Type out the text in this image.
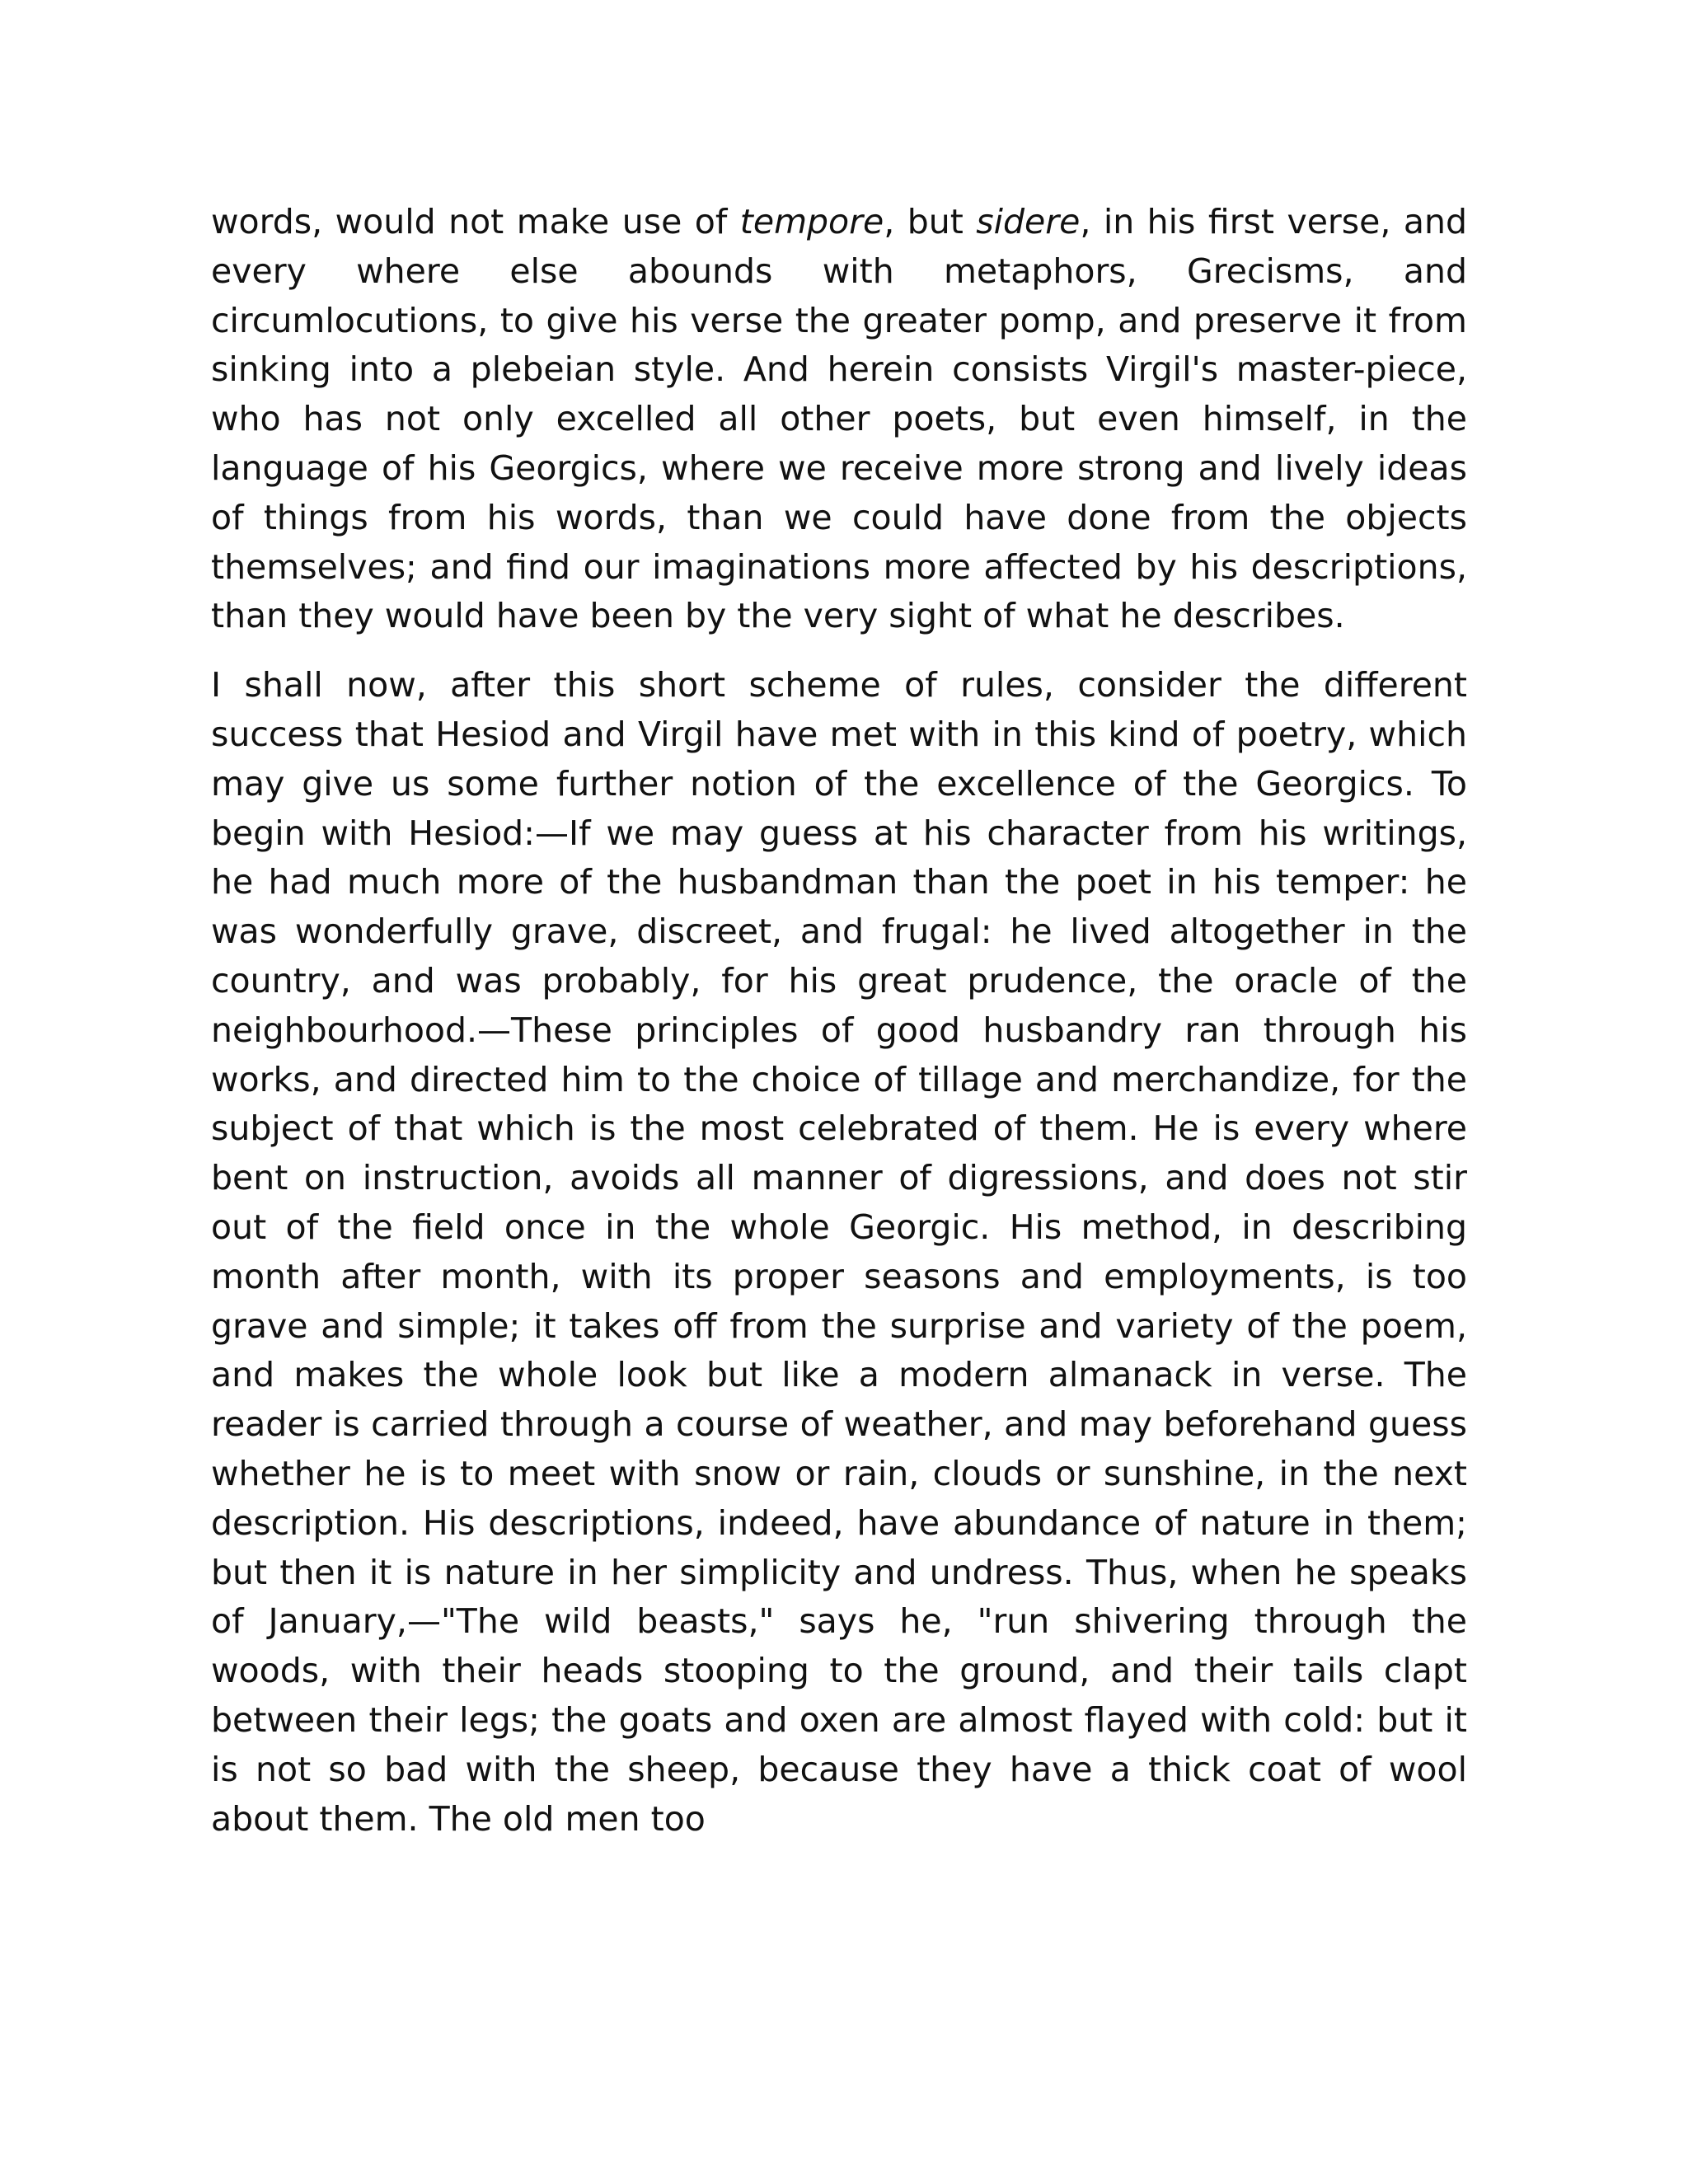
words, would not make use of tempore, but sidere, in his first verse, and every where else abounds with metaphors, Grecisms, and circumlocutions, to give his verse the greater pomp, and preserve it from sinking into a plebeian style. And herein consists Virgil's master-piece, who has not only excelled all other poets, but even himself, in the language of his Georgics, where we receive more strong and lively ideas of things from his words, than we could have done from the objects themselves; and find our imaginations more affected by his descriptions, than they would have been by the very sight of what he describes.

I shall now, after this short scheme of rules, consider the different success that Hesiod and Virgil have met with in this kind of poetry, which may give us some further notion of the excellence of the Georgics. To begin with Hesiod:—If we may guess at his character from his writings, he had much more of the husbandman than the poet in his temper: he was wonderfully grave, discreet, and frugal: he lived altogether in the country, and was probably, for his great prudence, the oracle of the neighbourhood.—These principles of good husbandry ran through his works, and directed him to the choice of tillage and merchandize, for the subject of that which is the most celebrated of them. He is every where bent on instruction, avoids all manner of digressions, and does not stir out of the field once in the whole Georgic. His method, in describing month after month, with its proper seasons and employments, is too grave and simple; it takes off from the surprise and variety of the poem, and makes the whole look but like a modern almanack in verse. The reader is carried through a course of weather, and may beforehand guess whether he is to meet with snow or rain, clouds or sunshine, in the next description. His descriptions, indeed, have abundance of nature in them; but then it is nature in her simplicity and undress. Thus, when he speaks of January,—"The wild beasts," says he, "run shivering through the woods, with their heads stooping to the ground, and their tails clapt between their legs; the goats and oxen are almost flayed with cold: but it is not so bad with the sheep, because they have a thick coat of wool about them. The old men too
